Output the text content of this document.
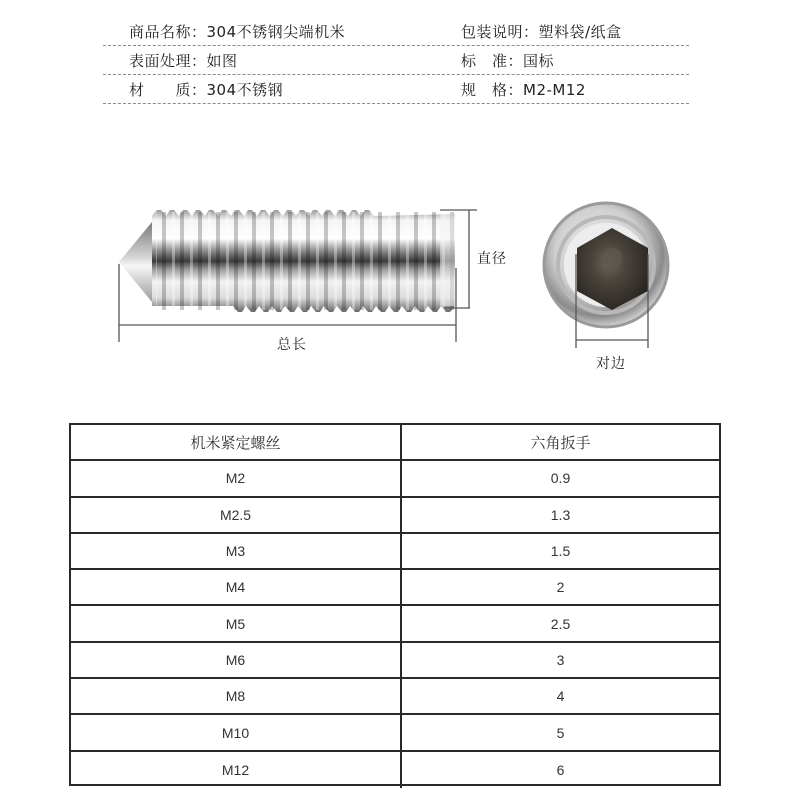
商品名称：304不锈钢尖端机米	包装说明：塑料袋/纸盒
表面处理：如图	标　准：国标
材　　质：304不锈钢	规　格：M2-M12
总长
直径
对边
机米紧定螺丝	六角扳手
M2	0.9
M2.5	1.3
M3	1.5
M4	2
M5	2.5
M6	3
M8	4
M10	5
M12	6
